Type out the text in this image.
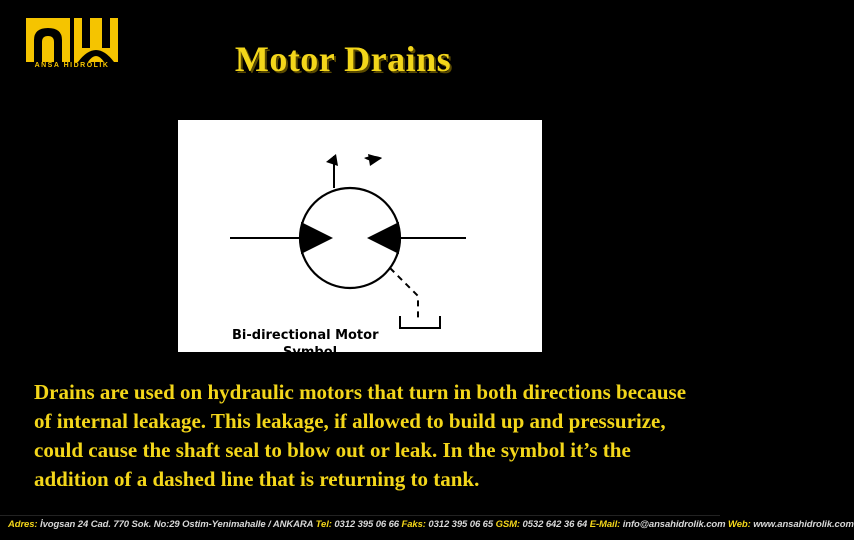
ANSA HIDROLIK	Motor Drains
Bi-directional Motor
Symbol
Drains are used on hydraulic motors that turn in both directions because of internal leakage. This leakage, if allowed to build up and pressurize, could cause the shaft seal to blow out or leak. In the symbol it’s the addition of a dashed line that is returning to tank.
Adres: İvogsan 24 Cad. 770 Sok. No:29 Ostim-Yenimahalle / ANKARA Tel: 0312 395 06 66 Faks: 0312 395 06 65 GSM: 0532 642 36 64 E-Mail: info@ansahidrolik.com Web: www.ansahidrolik.com
